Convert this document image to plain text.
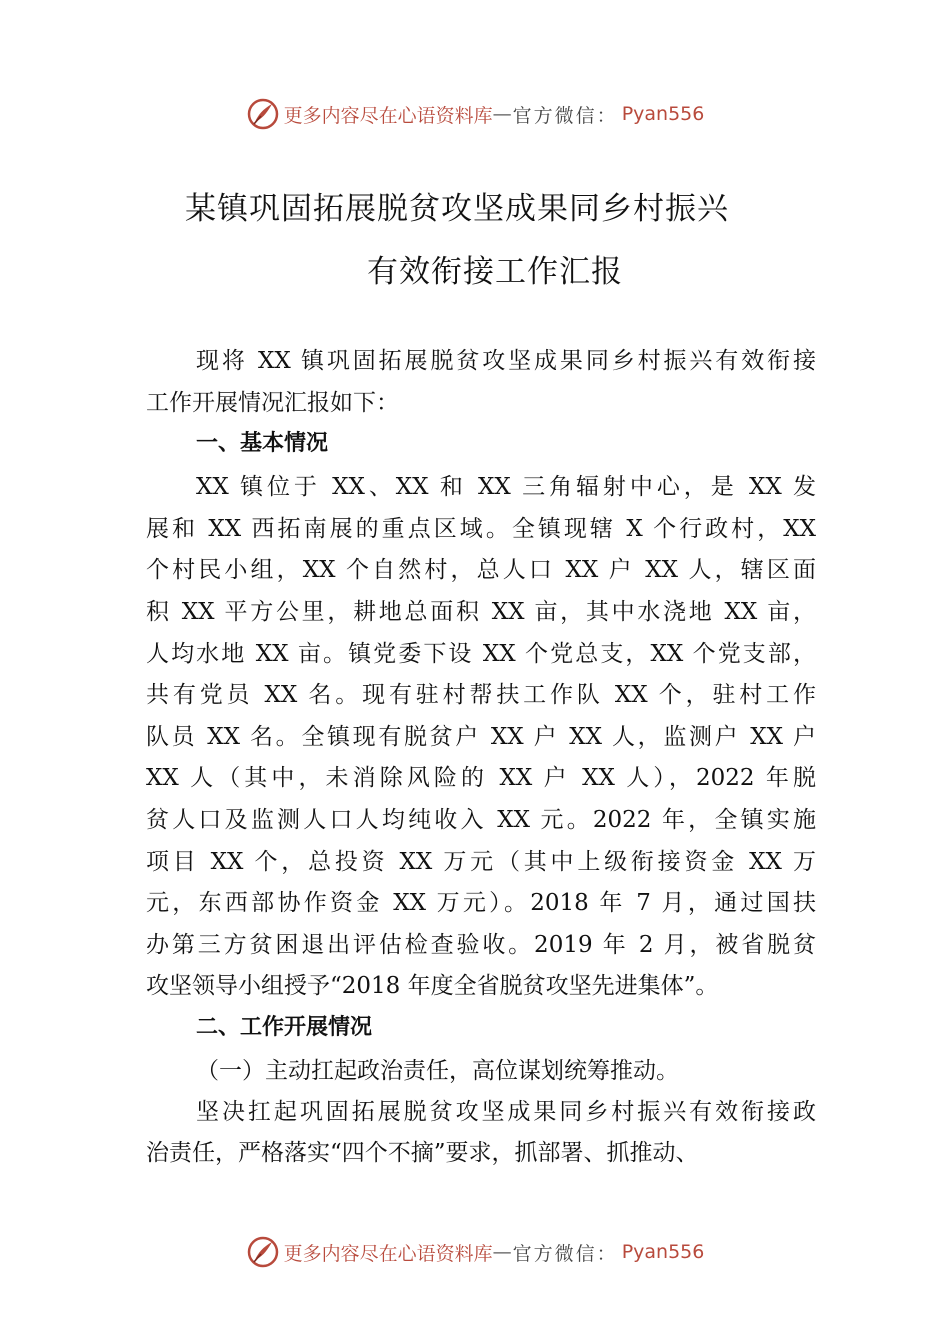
更多内容尽在心语资料库 — 官方微信： Pyan556
某镇巩固拓展脱贫攻坚成果同乡村振兴
有效衔接工作汇报
现将 XX 镇巩固拓展脱贫攻坚成果同乡村振兴有效衔接
工作开展情况汇报如下：
一、基本情况
XX 镇位于 XX、XX 和 XX 三角辐射中心，是 XX 发
展和 XX 西拓南展的重点区域。全镇现辖 X 个行政村，XX
个村民小组，XX 个自然村，总人口 XX 户 XX 人，辖区面
积 XX 平方公里，耕地总面积 XX 亩，其中水浇地 XX 亩，
人均水地 XX 亩。镇党委下设 XX 个党总支，XX 个党支部，
共有党员 XX 名。现有驻村帮扶工作队 XX 个，驻村工作
队员 XX 名。全镇现有脱贫户 XX 户 XX 人，监测户 XX 户
XX 人（其中，未消除风险的 XX 户 XX 人），2022 年脱
贫人口及监测人口人均纯收入 XX 元。2022 年，全镇实施
项目 XX 个，总投资 XX 万元（其中上级衔接资金 XX 万
元，东西部协作资金 XX 万元）。2018 年 7 月，通过国扶
办第三方贫困退出评估检查验收。2019 年 2 月，被省脱贫
攻坚领导小组授予“2018 年度全省脱贫攻坚先进集体”。
二、工作开展情况
（一）主动扛起政治责任，高位谋划统筹推动。
坚决扛起巩固拓展脱贫攻坚成果同乡村振兴有效衔接政
治责任，严格落实“四个不摘”要求，抓部署、抓推动、
更多内容尽在心语资料库 — 官方微信： Pyan556
